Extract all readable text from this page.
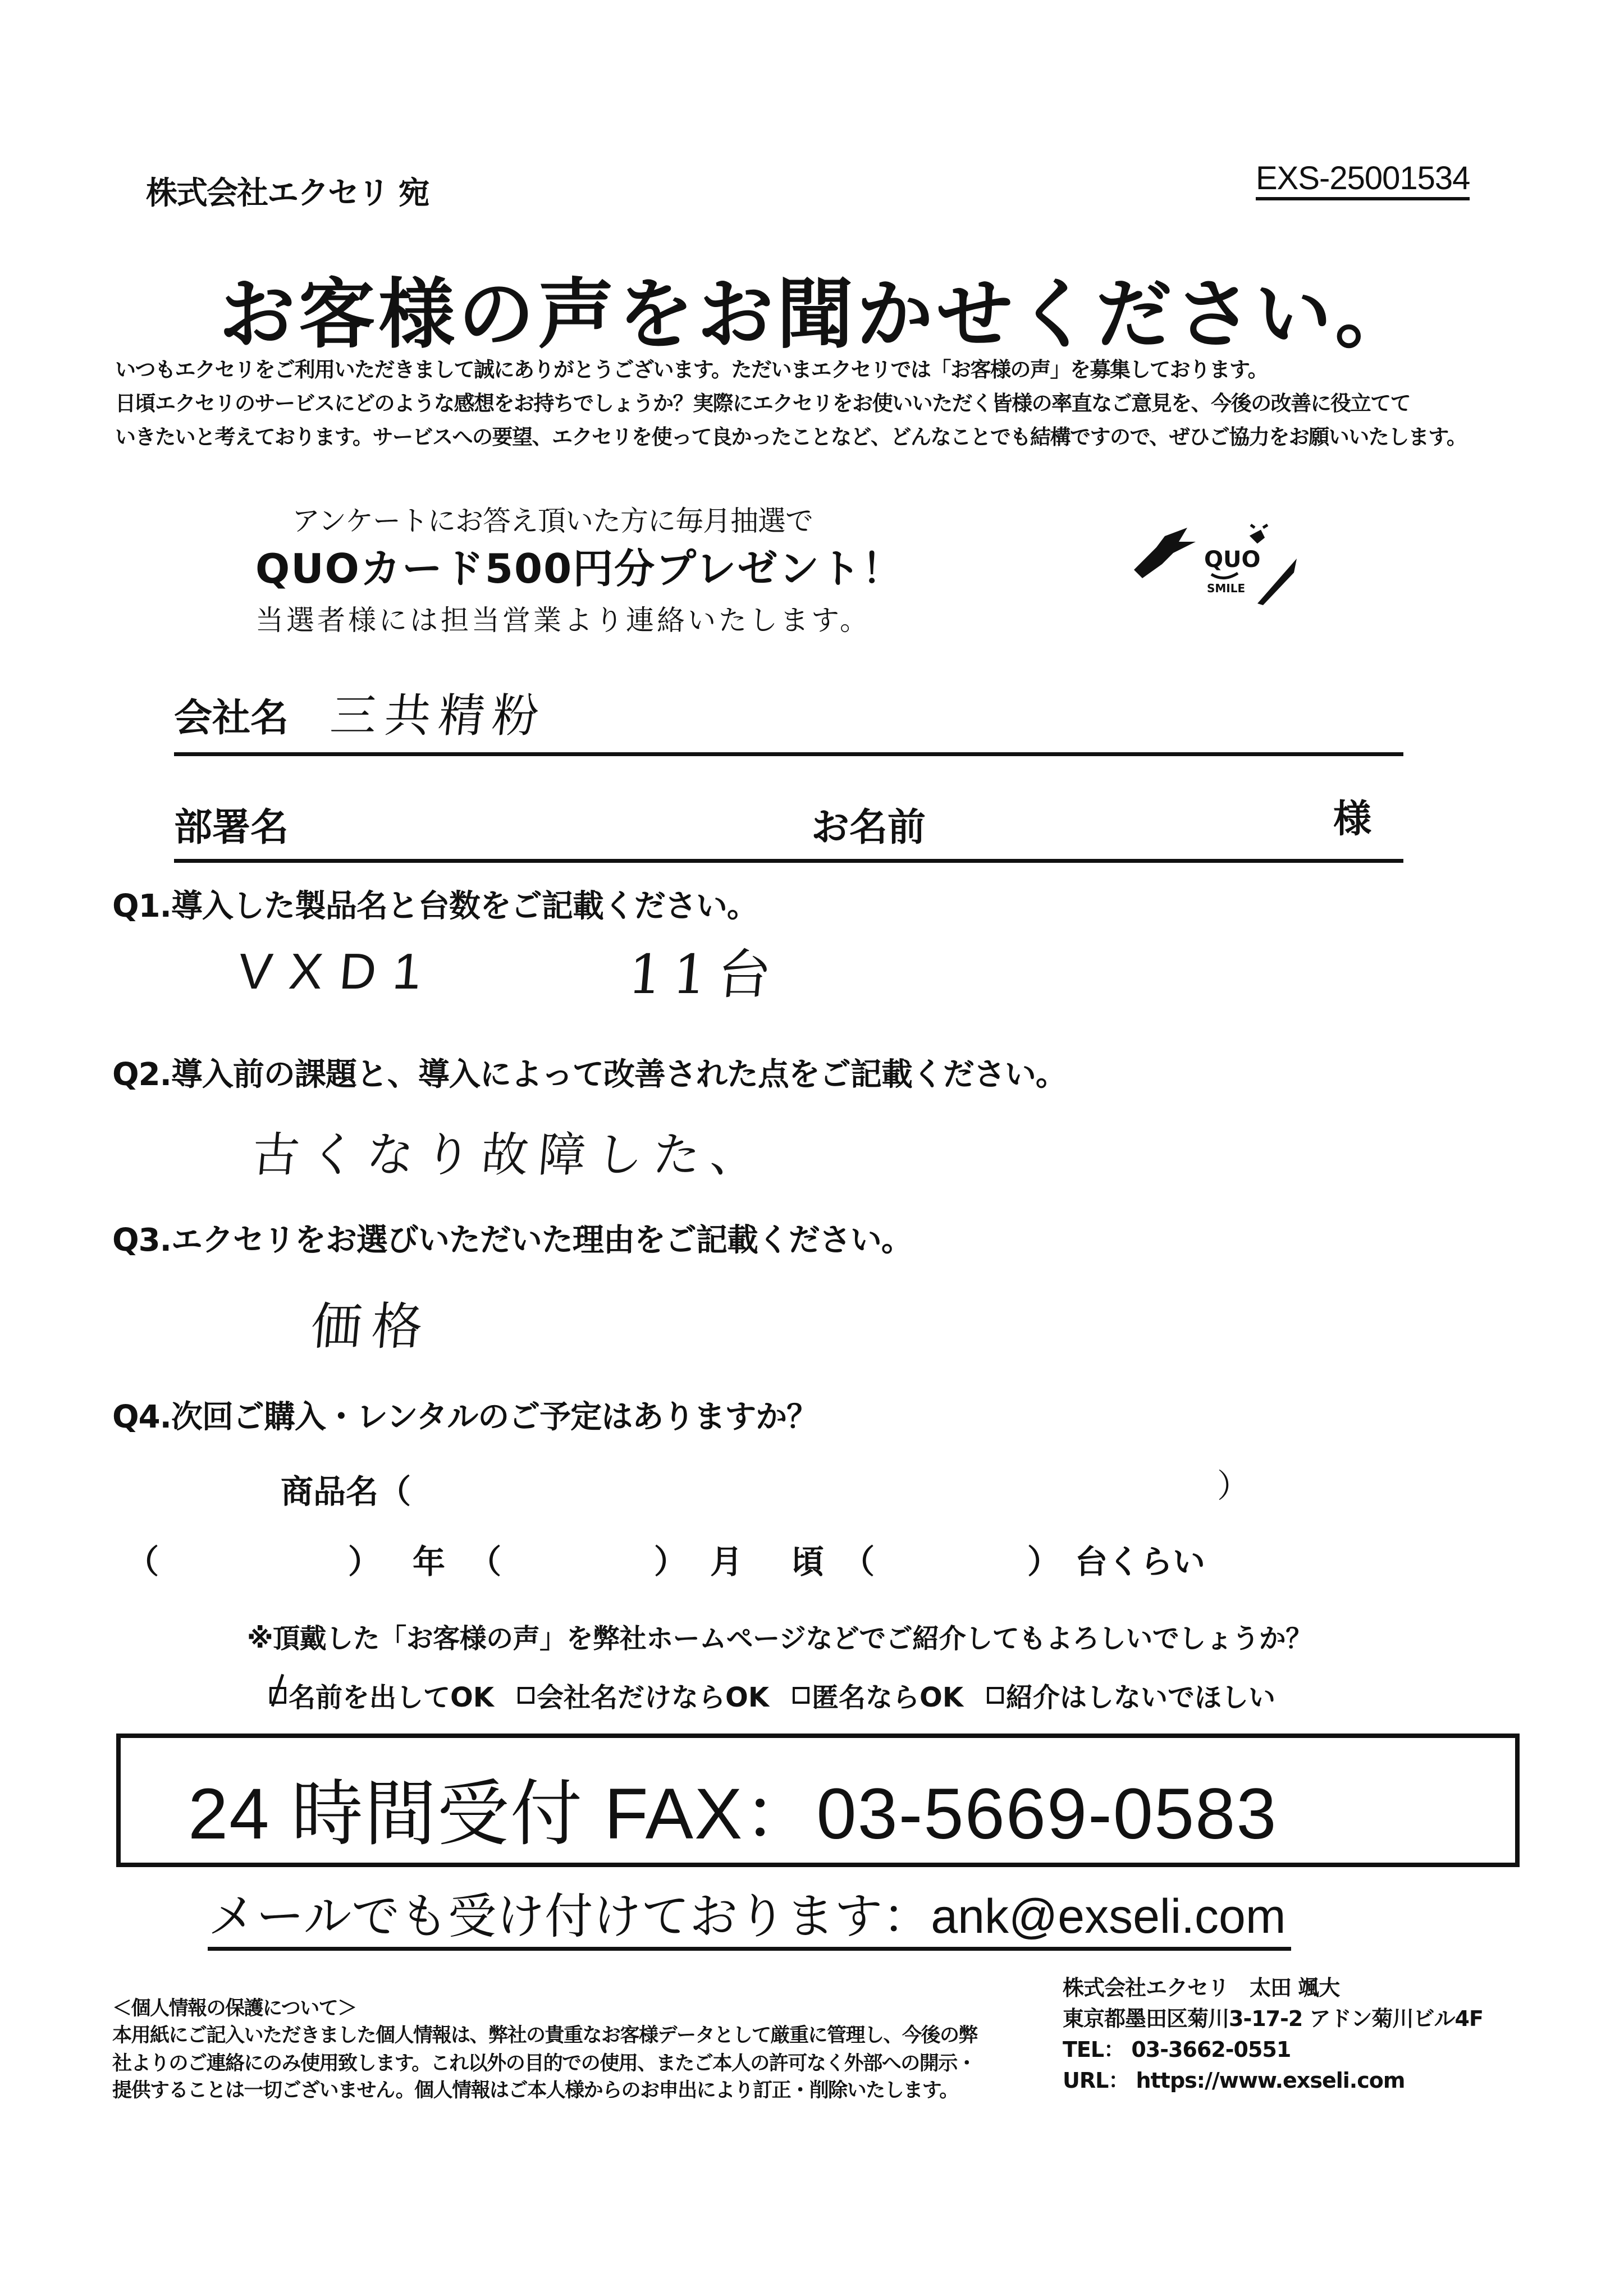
株式会社エクセリ 宛	EXS-25001534
お客様の声をお聞かせください。
いつもエクセリをご利用いただきまして誠にありがとうございます。ただいまエクセリでは「お客様の声」を募集しております。
日頃エクセリのサービスにどのような感想をお持ちでしょうか？実際にエクセリをお使いいただく皆様の率直なご意見を、今後の改善に役立てて
いきたいと考えております。サービスへの要望、エクセリを使って良かったことなど、どんなことでも結構ですので、ぜひご協力をお願いいたします。
アンケートにお答え頂いた方に毎月抽選で
QUOカード500円分プレゼント！
当選者様には担当営業より連絡いたします。
QUO
SMILE
会社名 三共精粉
部署名	お名前	様
Q1.導入した製品名と台数をご記載ください。
VXD1	11台
Q2.導入前の課題と、導入によって改善された点をご記載ください。
古くなり故障した、
Q3.エクセリをお選びいただいた理由をご記載ください。
価格
Q4.次回ご購入・レンタルのご予定はありますか？
商品名（	）
（	） 年 （	） 月 頃 （	） 台くらい
※頂戴した「お客様の声」を弊社ホームページなどでご紹介してもよろしいでしょうか？
名前を出してOK 会社名だけならOK 匿名ならOK 紹介はしないでほしい
24 時間受付 FAX：03-5669-0583
メールでも受け付けております：ank@exseli.com
＜個人情報の保護について＞
本用紙にご記入いただきました個人情報は、弊社の貴重なお客様データとして厳重に管理し、今後の弊
社よりのご連絡にのみ使用致します。これ以外の目的での使用、またご本人の許可なく外部への開示・
提供することは一切ございません。個人情報はご本人様からのお申出により訂正・削除いたします。
株式会社エクセリ　太田 颯大
東京都墨田区菊川3-17-2 アドン菊川ビル4F
TEL： 03-3662-0551
URL： https://www.exseli.com
